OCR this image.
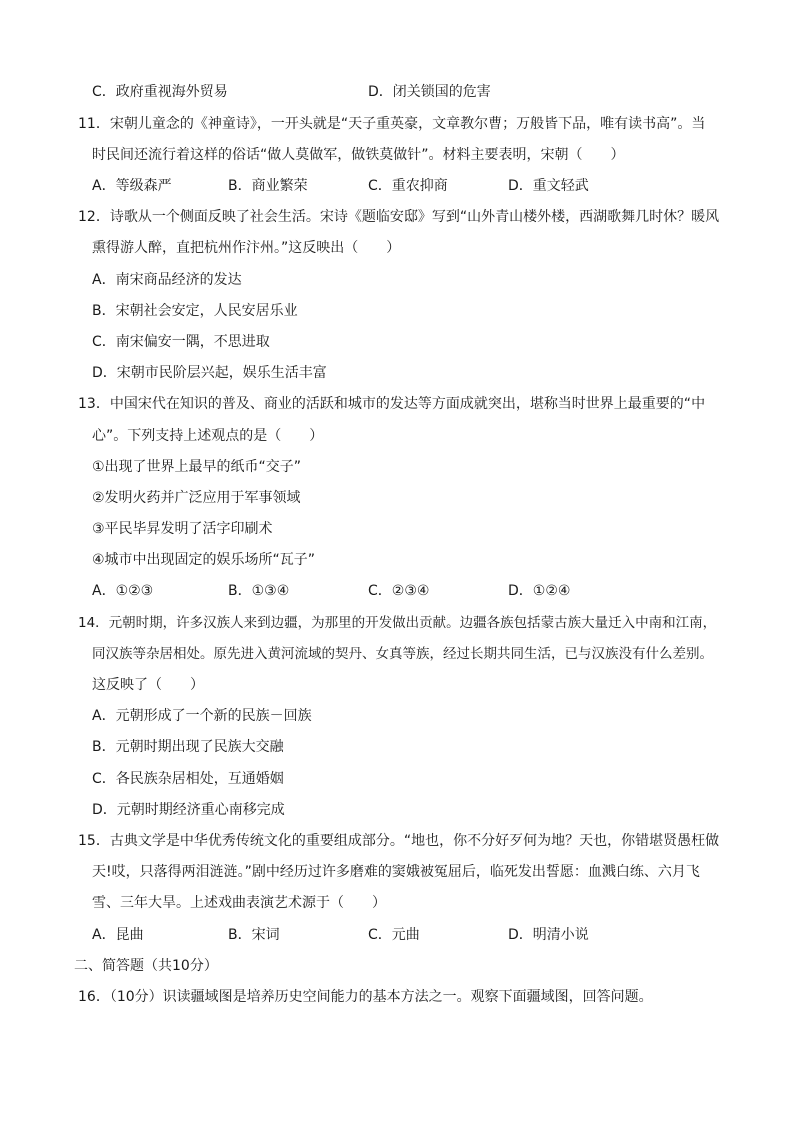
C．政府重视海外贸易	D．闭关锁国的危害
11．宋朝儿童念的《神童诗》，一开头就是“天子重英豪，文章教尔曹；万般皆下品，唯有读书高”。当
时民间还流行着这样的俗话“做人莫做军，做铁莫做针”。材料主要表明，宋朝（　　）
A．等级森严	B．商业繁荣	C．重农抑商	D．重文轻武
12．诗歌从一个侧面反映了社会生活。宋诗《题临安邸》写到“山外青山楼外楼，西湖歌舞几时休？暖风
熏得游人醉，直把杭州作汴州。”这反映出（　　）
A．南宋商品经济的发达
B．宋朝社会安定，人民安居乐业
C．南宋偏安一隅，不思进取
D．宋朝市民阶层兴起，娱乐生活丰富
13．中国宋代在知识的普及、商业的活跃和城市的发达等方面成就突出，堪称当时世界上最重要的“中
心”。下列支持上述观点的是（　　）
①出现了世界上最早的纸币“交子”
②发明火药并广泛应用于军事领域
③平民毕昇发明了活字印刷术
④城市中出现固定的娱乐场所“瓦子”
A．①②③	B．①③④	C．②③④	D．①②④
14．元朝时期，许多汉族人来到边疆，为那里的开发做出贡献。边疆各族包括蒙古族大量迁入中南和江南，
同汉族等杂居相处。原先进入黄河流域的契丹、女真等族，经过长期共同生活，已与汉族没有什么差别。
这反映了（　　）
A．元朝形成了一个新的民族－回族
B．元朝时期出现了民族大交融
C．各民族杂居相处，互通婚姻
D．元朝时期经济重心南移完成
15．古典文学是中华优秀传统文化的重要组成部分。“地也，你不分好歹何为地？天也，你错堪贤愚枉做
天!哎，只落得两泪涟涟。”剧中经历过许多磨难的窦娥被冤屈后，临死发出誓愿：血溅白练、六月飞
雪、三年大旱。上述戏曲表演艺术源于（　　）
A．昆曲	B．宋词	C．元曲	D．明清小说
二、简答题（共10分）
16．（10分）识读疆域图是培养历史空间能力的基本方法之一。观察下面疆域图，回答问题。
